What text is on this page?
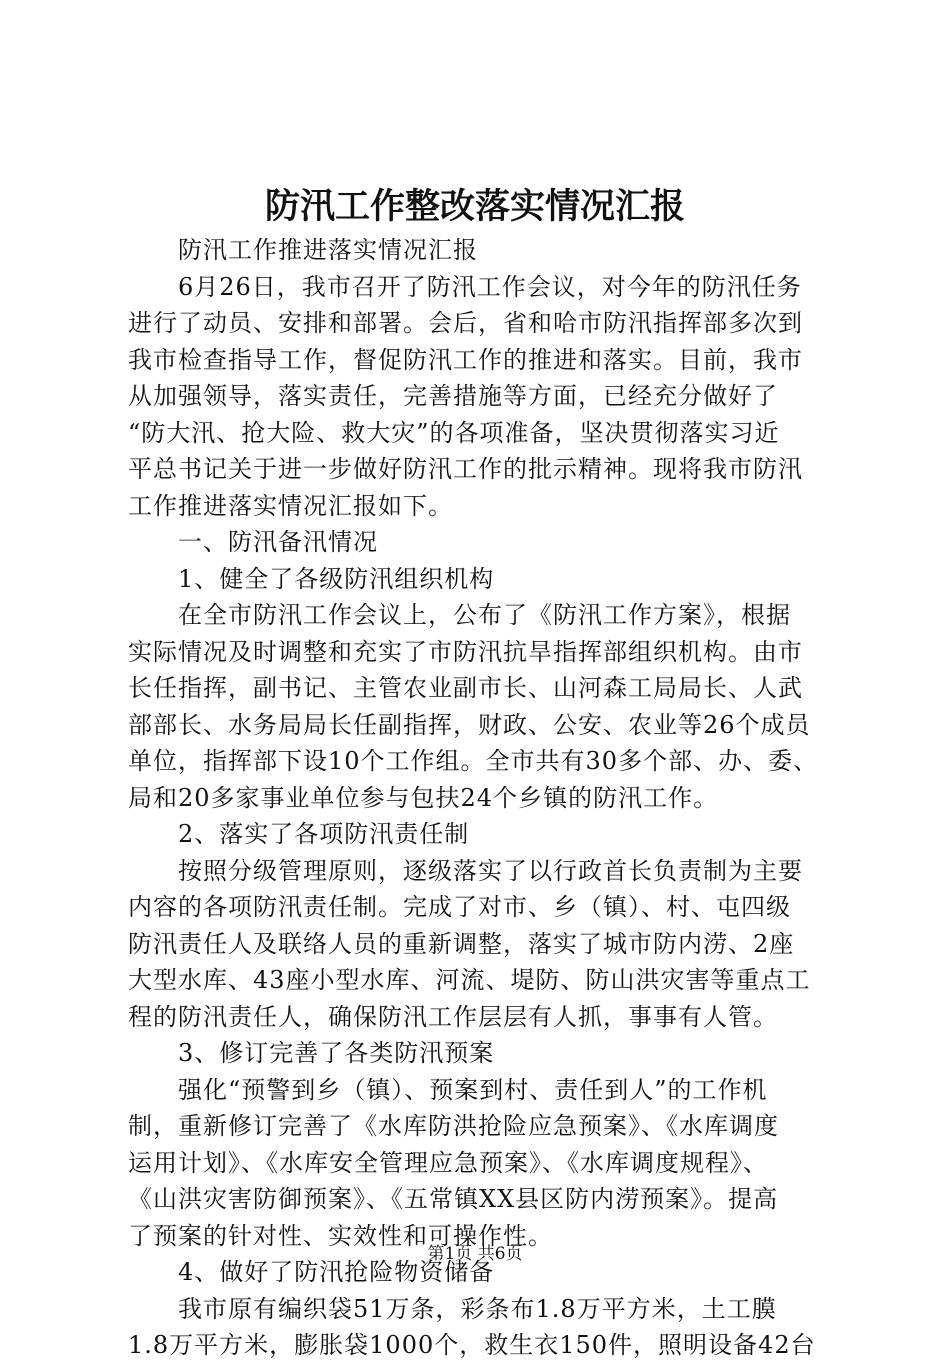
防汛工作整改落实情况汇报
防汛工作推进落实情况汇报
6月26日，我市召开了防汛工作会议，对今年的防汛任务
进行了动员、安排和部署。会后，省和哈市防汛指挥部多次到
我市检查指导工作，督促防汛工作的推进和落实。目前，我市
从加强领导，落实责任，完善措施等方面，已经充分做好了
“防大汛、抢大险、救大灾”的各项准备，坚决贯彻落实习近
平总书记关于进一步做好防汛工作的批示精神。现将我市防汛
工作推进落实情况汇报如下。
一、防汛备汛情况
1、健全了各级防汛组织机构
在全市防汛工作会议上，公布了《防汛工作方案》，根据
实际情况及时调整和充实了市防汛抗旱指挥部组织机构。由市
长任指挥，副书记、主管农业副市长、山河森工局局长、人武
部部长、水务局局长任副指挥，财政、公安、农业等26个成员
单位，指挥部下设10个工作组。全市共有30多个部、办、委、
局和20多家事业单位参与包扶24个乡镇的防汛工作。
2、落实了各项防汛责任制
按照分级管理原则，逐级落实了以行政首长负责制为主要
内容的各项防汛责任制。完成了对市、乡（镇）、村、屯四级
防汛责任人及联络人员的重新调整，落实了城市防内涝、2座
大型水库、43座小型水库、河流、堤防、防山洪灾害等重点工
程的防汛责任人，确保防汛工作层层有人抓，事事有人管。
3、修订完善了各类防汛预案
强化“预警到乡（镇）、预案到村、责任到人”的工作机
制，重新修订完善了《水库防洪抢险应急预案》、《水库调度
运用计划》、《水库安全管理应急预案》、《水库调度规程》、
《山洪灾害防御预案》、《五常镇XX县区防内涝预案》。提高
了预案的针对性、实效性和可操作性。
4、做好了防汛抢险物资储备
我市原有编织袋51万条，彩条布1.8万平方米，土工膜
1.8万平方米，膨胀袋1000个，救生衣150件，照明设备42台
第1页 共6页
